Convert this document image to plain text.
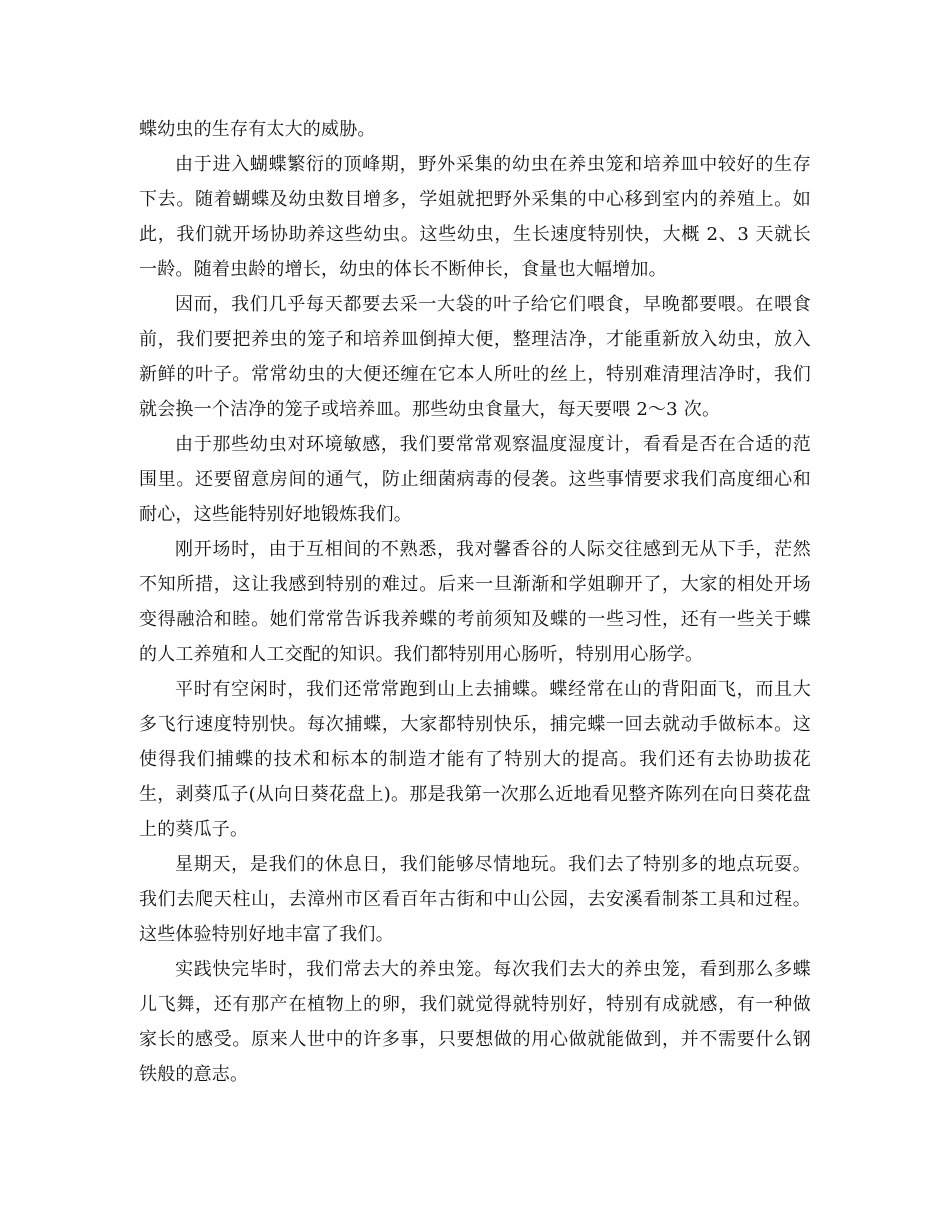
蝶幼虫的生存有太大的威胁。

由于进入蝴蝶繁衍的顶峰期，野外采集的幼虫在养虫笼和培养皿中较好的生存下去。随着蝴蝶及幼虫数目增多，学姐就把野外采集的中心移到室内的养殖上。如此，我们就开场协助养这些幼虫。这些幼虫，生长速度特别快，大概 2、3 天就长一龄。随着虫龄的增长，幼虫的体长不断伸长，食量也大幅增加。

因而，我们几乎每天都要去采一大袋的叶子给它们喂食，早晚都要喂。在喂食前，我们要把养虫的笼子和培养皿倒掉大便，整理洁净，才能重新放入幼虫，放入新鲜的叶子。常常幼虫的大便还缠在它本人所吐的丝上，特别难清理洁净时，我们就会换一个洁净的笼子或培养皿。那些幼虫食量大，每天要喂 2～3 次。

由于那些幼虫对环境敏感，我们要常常观察温度湿度计，看看是否在合适的范围里。还要留意房间的通气，防止细菌病毒的侵袭。这些事情要求我们高度细心和耐心，这些能特别好地锻炼我们。

刚开场时，由于互相间的不熟悉，我对馨香谷的人际交往感到无从下手，茫然不知所措，这让我感到特别的难过。后来一旦渐渐和学姐聊开了，大家的相处开场变得融洽和睦。她们常常告诉我养蝶的考前须知及蝶的一些习性，还有一些关于蝶的人工养殖和人工交配的知识。我们都特别用心肠听，特别用心肠学。

平时有空闲时，我们还常常跑到山上去捕蝶。蝶经常在山的背阳面飞，而且大多飞行速度特别快。每次捕蝶，大家都特别快乐，捕完蝶一回去就动手做标本。这使得我们捕蝶的技术和标本的制造才能有了特别大的提高。我们还有去协助拔花生，剥葵瓜子(从向日葵花盘上)。那是我第一次那么近地看见整齐陈列在向日葵花盘上的葵瓜子。

星期天，是我们的休息日，我们能够尽情地玩。我们去了特别多的地点玩耍。我们去爬天柱山，去漳州市区看百年古街和中山公园，去安溪看制茶工具和过程。这些体验特别好地丰富了我们。

实践快完毕时，我们常去大的养虫笼。每次我们去大的养虫笼，看到那么多蝶儿飞舞，还有那产在植物上的卵，我们就觉得就特别好，特别有成就感，有一种做家长的感受。原来人世中的许多事，只要想做的用心做就能做到，并不需要什么钢铁般的意志。
